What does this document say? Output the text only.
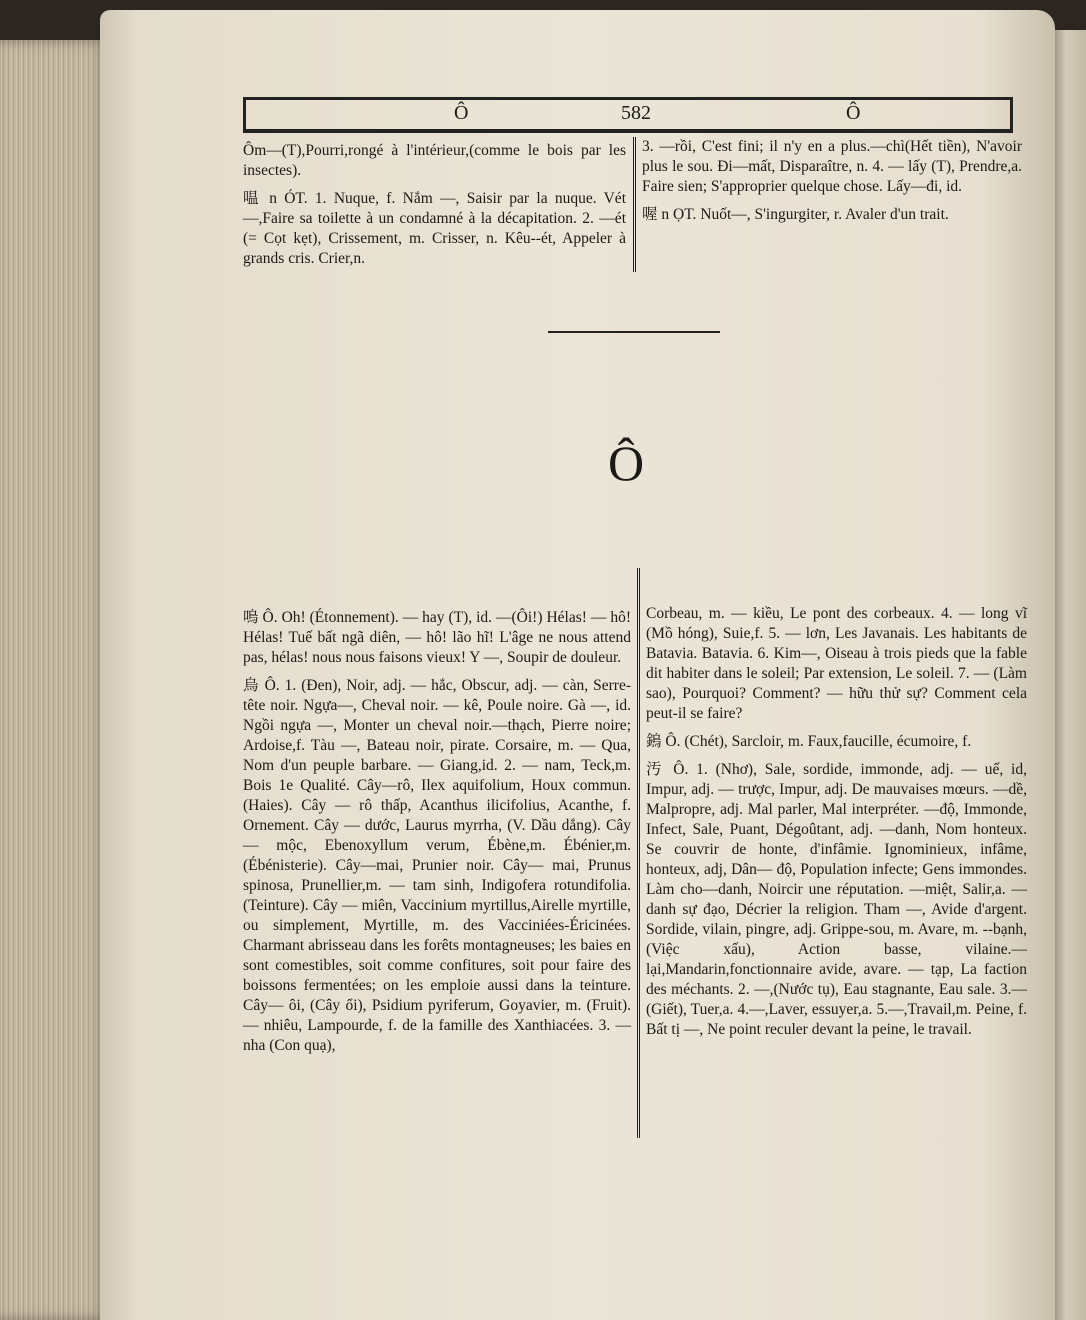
Ô	582	Ô

Ôm—(T),Pourri,rongé à l'intérieur,(comme le bois par les insectes).

嗢 n ÓT. 1. Nuque, f. Nắm —, Saisir par la nuque. Vét—,Faire sa toilette à un condamné à la décapitation. 2. —ét (= Cọt kẹt), Crissement, m. Crisser, n. Kêu--ét, Appeler à grands cris. Crier,n.

3. —rồi, C'est fini; il n'y en a plus.—chì(Hết tiền), N'avoir plus le sou. Đi—mất, Disparaître, n. 4. — lấy (T), Prendre,a. Faire sien; S'approprier quelque chose. Lấy—đi, id.

喔 n ỌT. Nuốt—, S'ingurgiter, r. Avaler d'un trait.

Ô

嗚 Ô. Oh! (Étonnement). — hay (T), id. —(Ôi!) Hélas! — hô! Hélas! Tuế bất ngã diên, — hô! lão hĩ! L'âge ne nous attend pas, hélas! nous nous faisons vieux! Y —, Soupir de douleur.

烏 Ô. 1. (Đen), Noir, adj. — hắc, Obscur, adj. — càn, Serre-tête noir. Ngựa—, Cheval noir. — kê, Poule noire. Gà —, id. Ngồi ngựa —, Monter un cheval noir.—thạch, Pierre noire; Ardoise,f. Tàu —, Bateau noir, pirate. Corsaire, m. — Qua, Nom d'un peuple barbare. — Giang,id. 2. — nam, Teck,m. Bois 1e Qualité. Cây—rô, Ilex aquifolium, Houx commun. (Haies). Cây — rô thấp, Acanthus ilicifolius, Acanthe, f. Ornement. Cây — dước, Laurus myrrha, (V. Dầu dắng). Cây — mộc, Ebenoxyllum verum, Ébène,m. Ébénier,m. (Ébénisterie). Cây—mai, Prunier noir. Cây— mai, Prunus spinosa, Prunellier,m. — tam sinh, Indigofera rotundifolia. (Teinture). Cây — miên, Vaccinium myrtillus,Airelle myrtille, ou simplement, Myrtille, m. des Vacciniées-Éricinées. Charmant abrisseau dans les forêts montagneuses; les baies en sont comestibles, soit comme confitures, soit pour faire des boissons fermentées; on les emploie aussi dans la teinture. Cây— ôi, (Cây ổi), Psidium pyriferum, Goyavier, m. (Fruit). — nhiêu, Lampourde, f. de la famille des Xanthiacées. 3. — nha (Con quạ),

Corbeau, m. — kiều, Le pont des corbeaux. 4. — long vĩ (Mồ hóng), Suie,f. 5. — lơn, Les Javanais. Les habitants de Batavia. Batavia. 6. Kim—, Oiseau à trois pieds que la fable dit habiter dans le soleil; Par extension, Le soleil. 7. — (Làm sao), Pourquoi? Comment? — hữu thử sự? Comment cela peut-il se faire?

鎢 Ô. (Chét), Sarcloir, m. Faux,faucille, écumoire, f.

汚 Ô. 1. (Nhơ), Sale, sordide, immonde, adj. — uế, id, Impur, adj. — trược, Impur, adj. De mauvaises mœurs. —dề, Malpropre, adj. Mal parler, Mal interpréter. —độ, Immonde, Infect, Sale, Puant, Dégoûtant, adj. —danh, Nom honteux. Se couvrir de honte, d'infâmie. Ignominieux, infâme, honteux, adj, Dân— độ, Population infecte; Gens immondes. Làm cho—danh, Noircir une réputation. —miệt, Salir,a. —danh sự đạo, Décrier la religion. Tham —, Avide d'argent. Sordide, vilain, pingre, adj. Grippe-sou, m. Avare, m. --bạnh, (Việc xấu), Action basse, vilaine.—lại,Mandarin,fonctionnaire avide, avare. — tạp, La faction des méchants. 2. —,(Nước tụ), Eau stagnante, Eau sale. 3.—(Giết), Tuer,a. 4.—,Laver, essuyer,a. 5.—,Travail,m. Peine, f. Bất tị —, Ne point reculer devant la peine, le travail.
